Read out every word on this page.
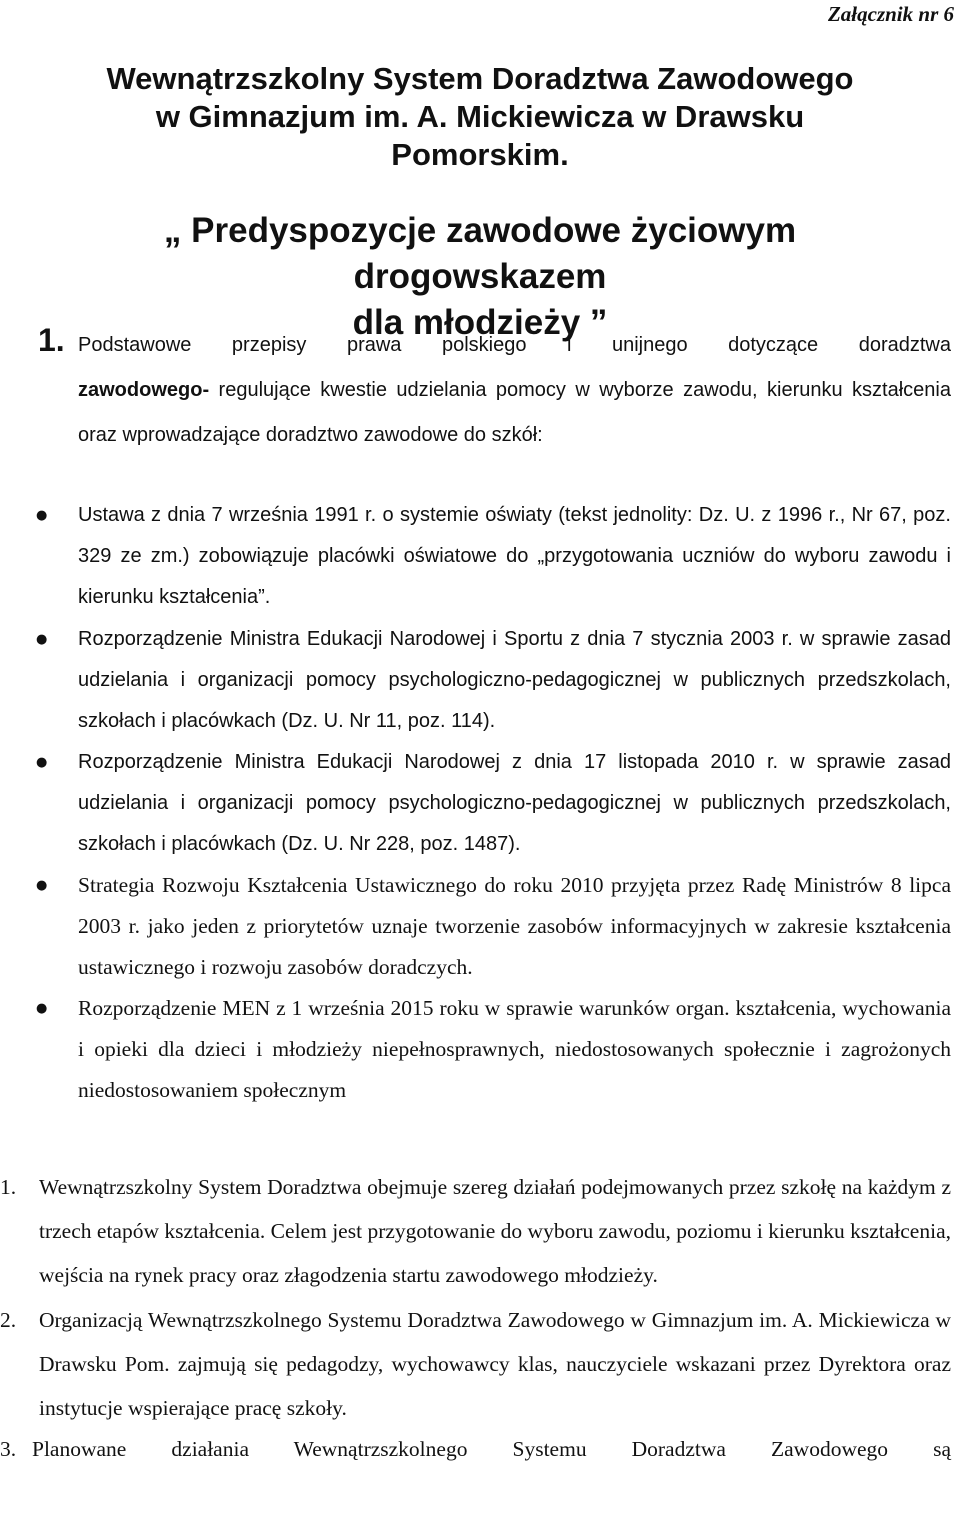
Załącznik nr 6
Wewnątrzszkolny System Doradztwa Zawodowego
w Gimnazjum im. A. Mickiewicza w Drawsku Pomorskim.
„ Predyspozycje zawodowe życiowym drogowskazem
dla młodzieży ”
1. Podstawowe przepisy prawa polskiego i unijnego dotyczące doradztwa
zawodowego- regulujące kwestie udzielania pomocy w wyborze zawodu, kierunku kształcenia oraz wprowadzające doradztwo zawodowe do szkół:

● Ustawa z dnia 7 września 1991 r. o systemie oświaty (tekst jednolity: Dz. U. z 1996 r., Nr 67, poz. 329 ze zm.) zobowiązuje placówki oświatowe do „przygotowania uczniów do wyboru zawodu i kierunku kształcenia”.
● Rozporządzenie Ministra Edukacji Narodowej i Sportu z dnia 7 stycznia 2003 r. w sprawie zasad udzielania i organizacji pomocy psychologiczno-pedagogicznej w publicznych przedszkolach, szkołach i placówkach (Dz. U. Nr 11, poz. 114).
● Rozporządzenie Ministra Edukacji Narodowej z dnia 17 listopada 2010 r. w sprawie zasad udzielania i organizacji pomocy psychologiczno-pedagogicznej w publicznych przedszkolach, szkołach i placówkach (Dz. U. Nr 228, poz. 1487).
● Strategia Rozwoju Kształcenia Ustawicznego do roku 2010 przyjęta przez Radę Ministrów 8 lipca 2003 r. jako jeden z priorytetów uznaje tworzenie zasobów informacyjnych w zakresie kształcenia ustawicznego i rozwoju zasobów doradczych.
● Rozporządzenie MEN z 1 września 2015 roku w sprawie warunków organ. kształcenia, wychowania i opieki dla dzieci i młodzieży niepełnosprawnych, niedostosowanych społecznie i zagrożonych niedostosowaniem społecznym
1. Wewnątrzszkolny System Doradztwa obejmuje szereg działań podejmowanych przez szkołę na każdym z trzech etapów kształcenia. Celem jest przygotowanie do wyboru zawodu, poziomu i kierunku kształcenia, wejścia na rynek pracy oraz złagodzenia startu zawodowego młodzieży.
2. Organizacją Wewnątrzszkolnego Systemu Doradztwa Zawodowego w Gimnazjum im. A. Mickiewicza w Drawsku Pom. zajmują się pedagodzy, wychowawcy klas, nauczyciele wskazani przez Dyrektora oraz instytucje wspierające pracę szkoły.
3. Planowane działania Wewnątrzszkolnego Systemu Doradztwa Zawodowego są
